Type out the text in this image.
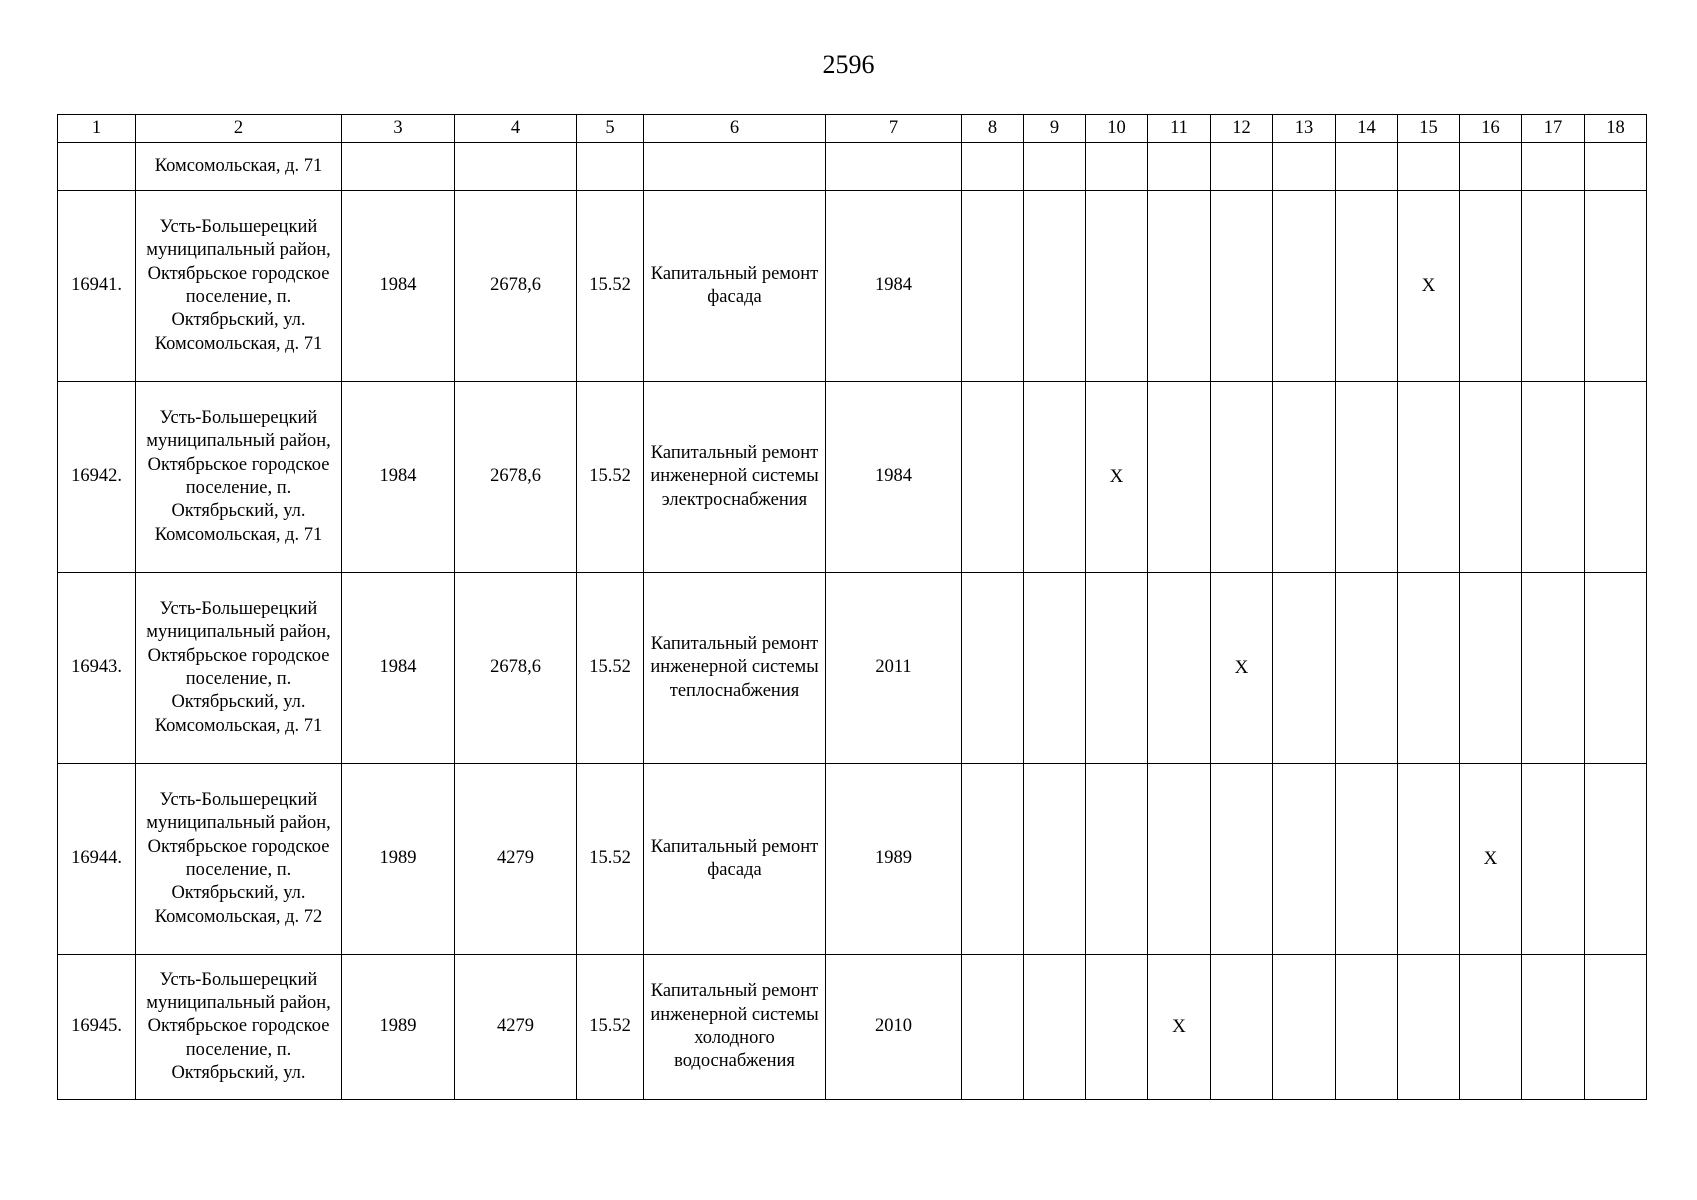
2596
1	2	3	4	5	6	7	8	9	10	11	12	13	14	15	16	17	18
	Комсомольская, д. 71																
16941.	Усть-Большерецкий муниципальный район, Октябрьское городское поселение, п. Октябрьский, ул. Комсомольская, д. 71	1984	2678,6	15.52	Капитальный ремонт фасада	1984								X			
16942.	Усть-Большерецкий муниципальный район, Октябрьское городское поселение, п. Октябрьский, ул. Комсомольская, д. 71	1984	2678,6	15.52	Капитальный ремонт инженерной системы электроснабжения	1984			X								
16943.	Усть-Большерецкий муниципальный район, Октябрьское городское поселение, п. Октябрьский, ул. Комсомольская, д. 71	1984	2678,6	15.52	Капитальный ремонт инженерной системы теплоснабжения	2011					X						
16944.	Усть-Большерецкий муниципальный район, Октябрьское городское поселение, п. Октябрьский, ул. Комсомольская, д. 72	1989	4279	15.52	Капитальный ремонт фасада	1989									X		
16945.	Усть-Большерецкий муниципальный район, Октябрьское городское поселение, п. Октябрьский, ул.	1989	4279	15.52	Капитальный ремонт инженерной системы холодного водоснабжения	2010				X							
